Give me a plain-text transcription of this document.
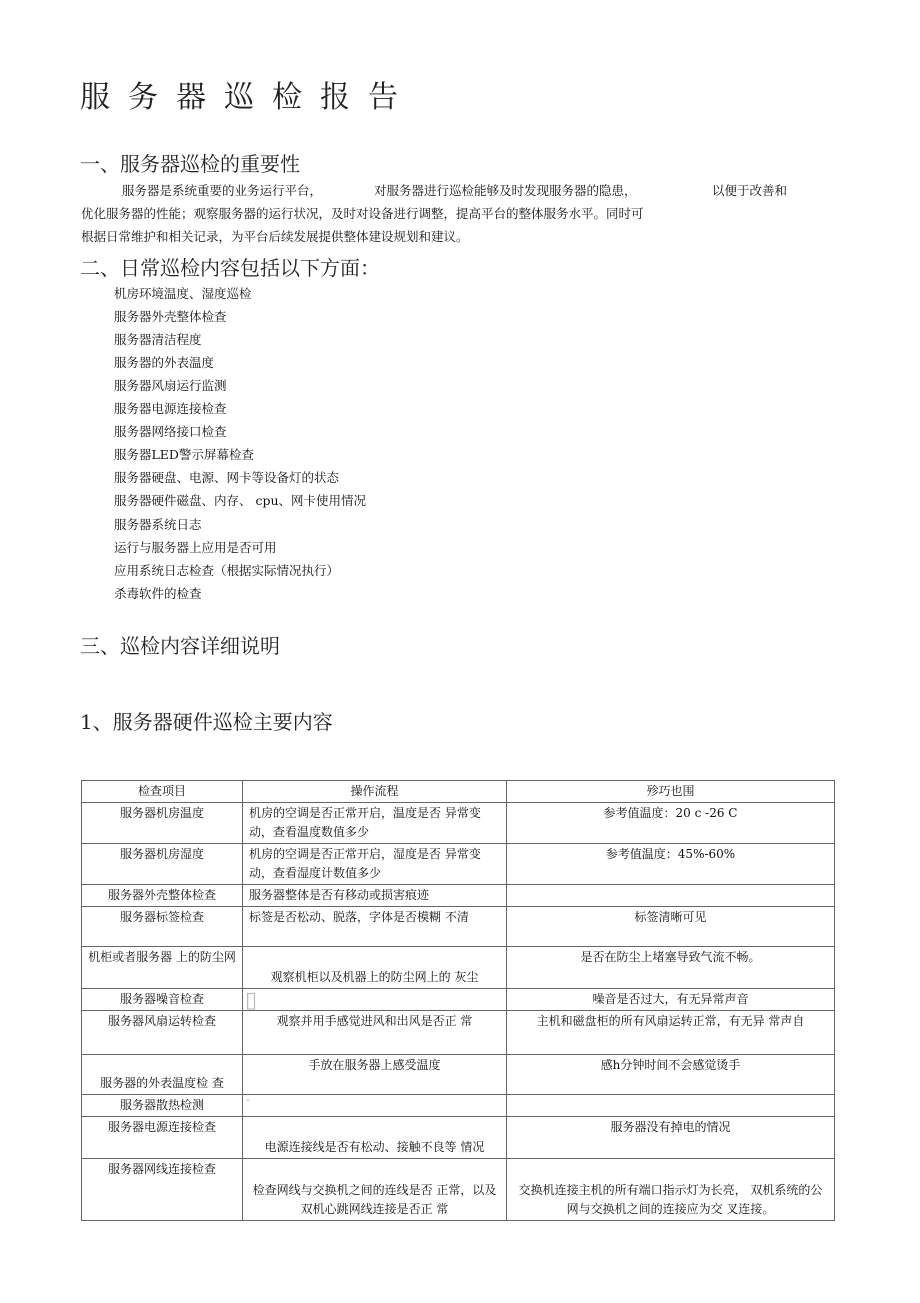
服务器巡检报告
一、服务器巡检的重要性
服务器是系统重要的业务运行平台，	对服务器进行巡检能够及时发现服务器的隐患，	以便于改善和
优化服务器的性能；观察服务器的运行状况，及时对设备进行调整，提高平台的整体服务水平。同时可
根据日常维护和相关记录，为平台后续发展提供整体建设规划和建议。
二、日常巡检内容包括以下方面：
机房环境温度、湿度巡检
服务器外壳整体检查
服务器清洁程度
服务器的外表温度
服务器风扇运行监测
服务器电源连接检查
服务器网络接口检查
服务器LED警示屏幕检查
服务器硬盘、电源、网卡等设备灯的状态
服务器硬件磁盘、内存、 cpu、网卡使用情况
服务器系统日志
运行与服务器上应用是否可用
应用系统日志检查（根据实际情况执行）
杀毒软件的检查
三、巡检内容详细说明
1、服务器硬件巡检主要内容
检查项目	操作流程	殄巧也围
服务器机房温度	机房的空调是否正常开启，温度是否 异常变动，查看温度数值多少	参考值温度：20 c -26 C
服务器机房湿度	机房的空调是否正常开启，湿度是否 异常变动，查看湿度计数值多少	参考值温度：45%-60%
服务器外壳整体检查	服务器整体是否有移动或损害痕迹	
服务器标签检查	标签是否松动、脱落，字体是否模糊 不清	标签清晰可见
机柜或者服务器 上的防尘网	观察机柜以及机器上的防尘网上的 灰尘	是否在防尘上堵塞导致气流不畅。
服务器噪音检查		噪音是否过大，有无异常声音
服务器风扇运转检查	观察并用手感觉进风和出风是否正 常	主机和磁盘柜的所有风扇运转正常，有无异 常声自
服务器的外表温度检 查	手放在服务器上感受温度	感h分钟时间不会感觉烫手
服务器散热检测		
服务器电源连接检查	电源连接线是否有松动、接触不良等 情况	服务器没有掉电的情况
服务器网线连接检查	检查网线与交换机之间的连线是否 正常，以及双机心跳网线连接是否正 常	交换机连接主机的所有端口指示灯为长亮， 双机系统的公网与交换机之间的连接应为交 叉连接。
▯
ˇ
